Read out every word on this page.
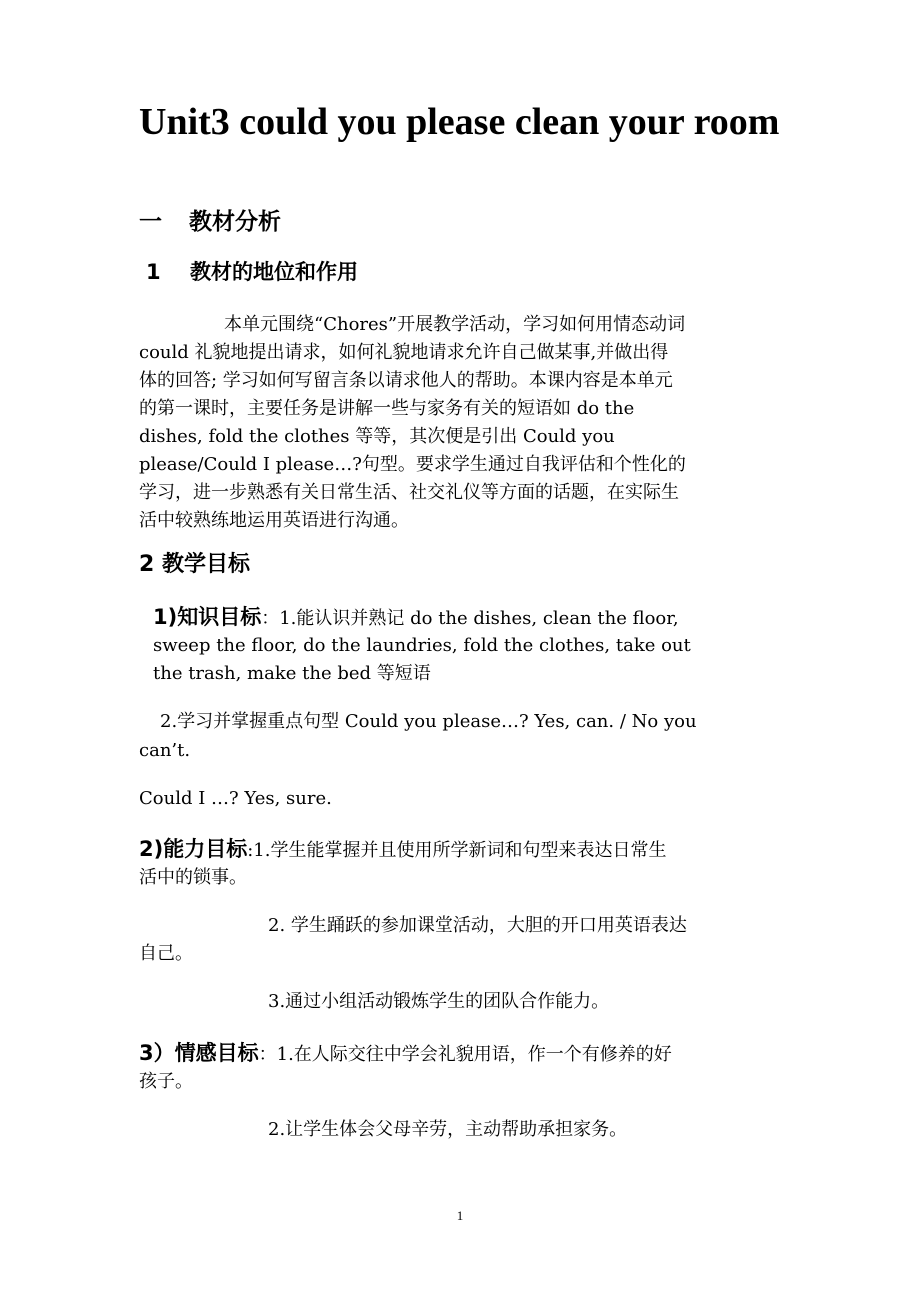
Unit3 could you please clean your room
一 教材分析
1 教材的地位和作用

本单元围绕“Chores”开展教学活动，学习如何用情态动词

could 礼貌地提出请求，如何礼貌地请求允许自己做某事,并做出得

体的回答; 学习如何写留言条以请求他人的帮助。本课内容是本单元

的第一课时，主要任务是讲解一些与家务有关的短语如 do the

dishes, fold the clothes 等等，其次便是引出 Could you

please/Could I please…?句型。要求学生通过自我评估和个性化的

学习，进一步熟悉有关日常生活、社交礼仪等方面的话题，在实际生

活中较熟练地运用英语进行沟通。

2 教学目标

1)知识目标：1.能认识并熟记 do the dishes, clean the floor,

sweep the floor, do the laundries, fold the clothes, take out

the trash, make the bed 等短语

2.学习并掌握重点句型 Could you please…? Yes, can. / No you

can’t.

Could I …? Yes, sure.

2)能力目标:1.学生能掌握并且使用所学新词和句型来表达日常生

活中的锁事。

2. 学生踊跃的参加课堂活动，大胆的开口用英语表达

自己。

3.通过小组活动锻炼学生的团队合作能力。

3）情感目标：1.在人际交往中学会礼貌用语，作一个有修养的好

孩子。

2.让学生体会父母辛劳，主动帮助承担家务。

1
